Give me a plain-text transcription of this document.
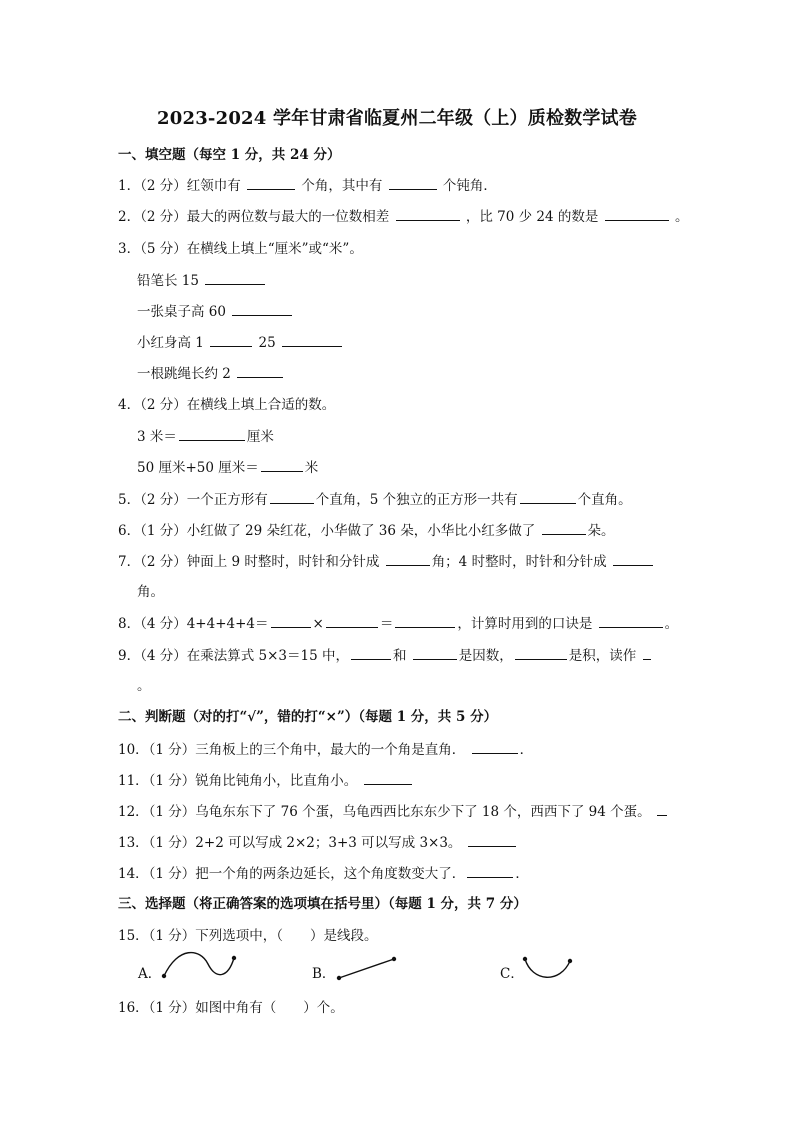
2023-2024 学年甘肃省临夏州二年级（上）质检数学试卷
一、填空题（每空 1 分，共 24 分）
1．（2 分）红领巾有	个角，其中有	个钝角．
2．（2 分）最大的两位数与最大的一位数相差	，比 70 少 24 的数是	。
3．（5 分）在横线上填上“厘米”或“米”。
铅笔长 15
一张桌子高 60
小红身高 1	25
一根跳绳长约 2
4．（2 分）在横线上填上合适的数。
3 米＝	厘米
50 厘米+50 厘米＝	米
5．（2 分）一个正方形有	个直角，5 个独立的正方形一共有	个直角。
6．（1 分）小红做了 29 朵红花，小华做了 36 朵，小华比小红多做了	朵。
7．（2 分）钟面上 9 时整时，时针和分针成	角；4 时整时，时针和分针成
角。
8．（4 分）4+4+4+4＝	×	＝	，计算时用到的口诀是	。
9．（4 分）在乘法算式 5×3＝15 中，	和	是因数，	是积，读作
。
二、判断题（对的打“√”，错的打“×”）（每题 1 分，共 5 分）
10．（1 分）三角板上的三个角中，最大的一个角是直角．	．
11．（1 分）锐角比钝角小，比直角小。
12．（1 分）乌龟东东下了 76 个蛋，乌龟西西比东东少下了 18 个，西西下了 94 个蛋。
13．（1 分）2+2 可以写成 2×2；3+3 可以写成 3×3。
14．（1 分）把一个角的两条边延长，这个角度数变大了．	．
三、选择题（将正确答案的选项填在括号里）（每题 1 分，共 7 分）
15．（1 分）下列选项中，（　　）是线段。
A．	B．	C．
16．（1 分）如图中角有（　　）个。
